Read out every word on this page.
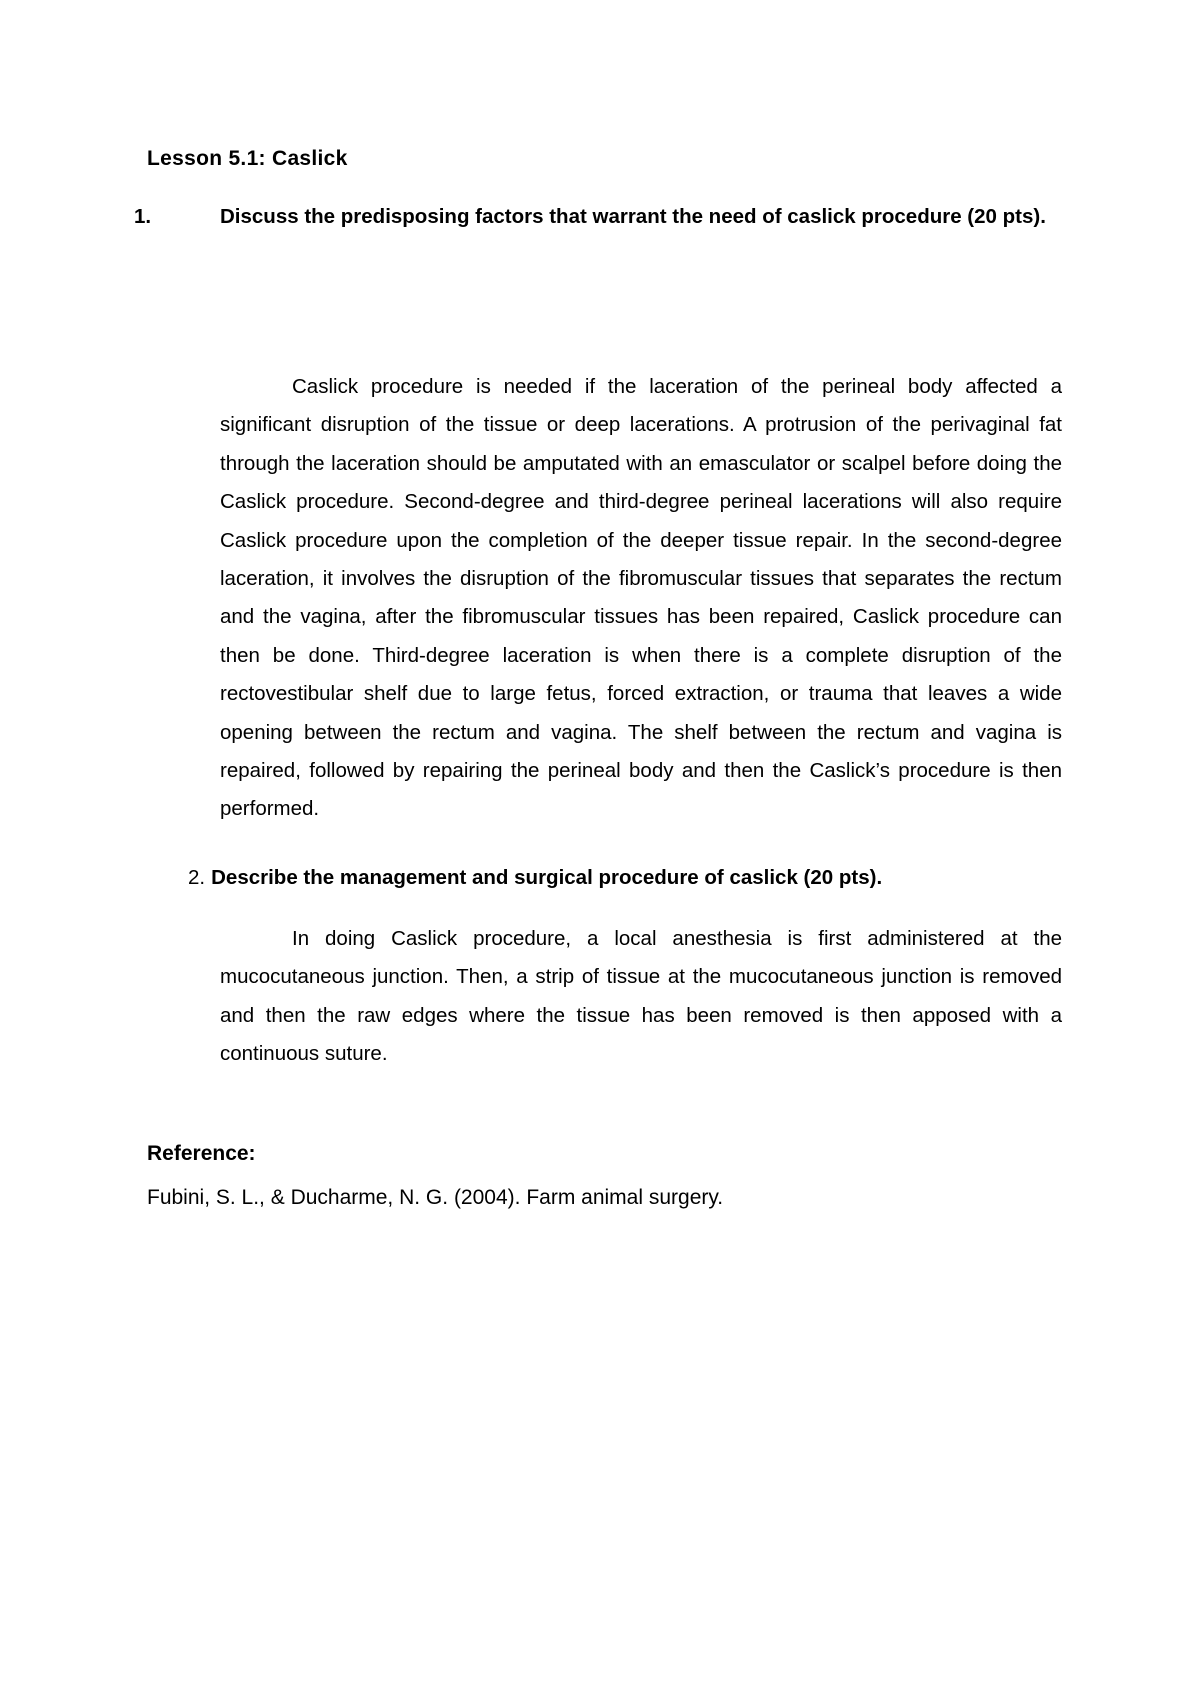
Lesson 5.1: Caslick
1.	Discuss the predisposing factors that warrant the need of caslick procedure (20 pts).

Caslick procedure is needed if the laceration of the perineal body affected a significant disruption of the tissue or deep lacerations. A protrusion of the perivaginal fat through the laceration should be amputated with an emasculator or scalpel before doing the Caslick procedure. Second-degree and third-degree perineal lacerations will also require Caslick procedure upon the completion of the deeper tissue repair. In the second-degree laceration, it involves the disruption of the fibromuscular tissues that separates the rectum and the vagina, after the fibromuscular tissues has been repaired, Caslick procedure can then be done. Third-degree laceration is when there is a complete disruption of the rectovestibular shelf due to large fetus, forced extraction, or trauma that leaves a wide opening between the rectum and vagina. The shelf between the rectum and vagina is repaired, followed by repairing the perineal body and then the Caslick’s procedure is then performed.

2. Describe the management and surgical procedure of caslick (20 pts).

In doing Caslick procedure, a local anesthesia is first administered at the mucocutaneous junction. Then, a strip of tissue at the mucocutaneous junction is removed and then the raw edges where the tissue has been removed is then apposed with a continuous suture.

Reference:

Fubini, S. L., & Ducharme, N. G. (2004). Farm animal surgery.
